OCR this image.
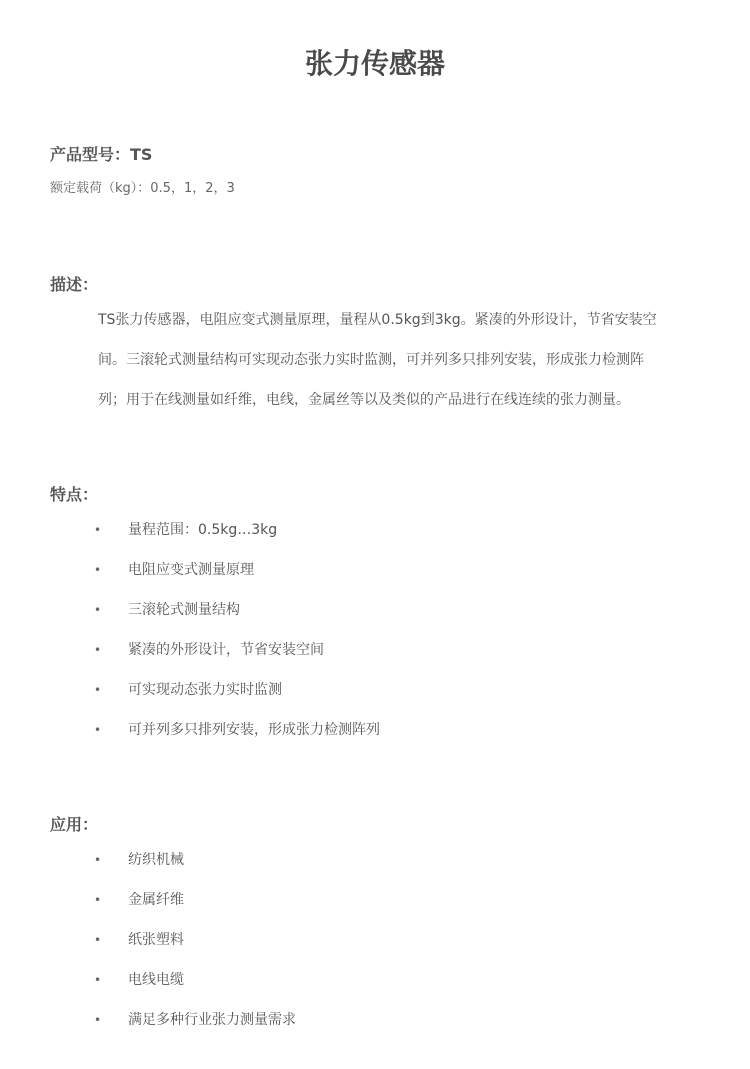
张力传感器
产品型号：TS
额定载荷（kg）：0.5，1，2，3
描述：
TS张力传感器，电阻应变式测量原理，量程从0.5kg到3kg。紧凑的外形设计，节省安装空间。三滚轮式测量结构可实现动态张力实时监测，可并列多只排列安装，形成张力检测阵列；用于在线测量如纤维，电线，金属丝等以及类似的产品进行在线连续的张力测量。
特点：
• 量程范围：0.5kg…3kg
• 电阻应变式测量原理
• 三滚轮式测量结构
• 紧凑的外形设计，节省安装空间
• 可实现动态张力实时监测
• 可并列多只排列安装，形成张力检测阵列
应用：
• 纺织机械
• 金属纤维
• 纸张塑料
• 电线电缆
• 满足多种行业张力测量需求
